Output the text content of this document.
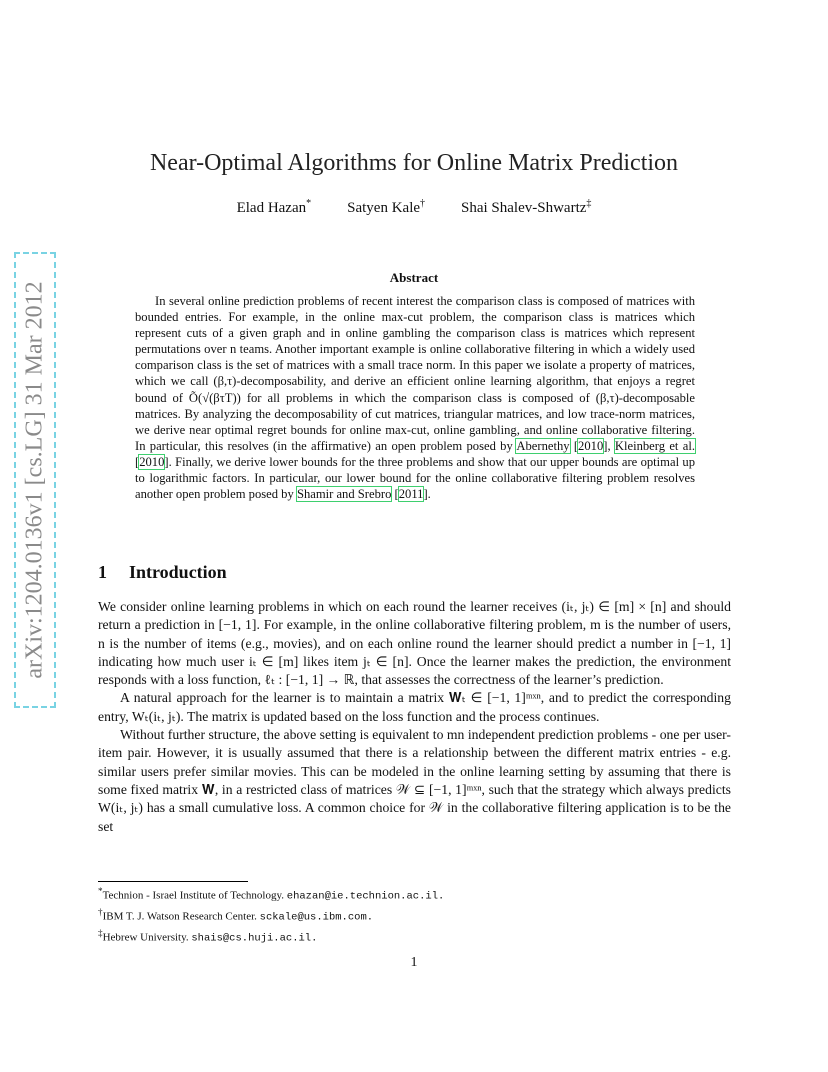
arXiv:1204.0136v1 [cs.LG] 31 Mar 2012
Near-Optimal Algorithms for Online Matrix Prediction
Elad Hazan* Satyen Kale† Shai Shalev-Shwartz‡
Abstract

In several online prediction problems of recent interest the comparison class is composed of matrices with bounded entries. For example, in the online max-cut problem, the comparison class is matrices which represent cuts of a given graph and in online gambling the comparison class is matrices which represent permutations over n teams. Another important example is online collaborative filtering in which a widely used comparison class is the set of matrices with a small trace norm. In this paper we isolate a property of matrices, which we call (β,τ)-decomposability, and derive an efficient online learning algorithm, that enjoys a regret bound of Õ(√(βτT)) for all problems in which the comparison class is composed of (β,τ)-decomposable matrices. By analyzing the decomposability of cut matrices, triangular matrices, and low trace-norm matrices, we derive near optimal regret bounds for online max-cut, online gambling, and online collaborative filtering. In particular, this resolves (in the affirmative) an open problem posed by Abernethy [2010], Kleinberg et al. [2010]. Finally, we derive lower bounds for the three problems and show that our upper bounds are optimal up to logarithmic factors. In particular, our lower bound for the online collaborative filtering problem resolves another open problem posed by Shamir and Srebro [2011].

1 Introduction

We consider online learning problems in which on each round the learner receives (iₜ, jₜ) ∈ [m] × [n] and should return a prediction in [−1, 1]. For example, in the online collaborative filtering problem, m is the number of users, n is the number of items (e.g., movies), and on each online round the learner should predict a number in [−1, 1] indicating how much user iₜ ∈ [m] likes item jₜ ∈ [n]. Once the learner makes the prediction, the environment responds with a loss function, ℓₜ : [−1, 1] → ℝ, that assesses the correctness of the learner’s prediction.

A natural approach for the learner is to maintain a matrix 𝐖ₜ ∈ [−1, 1]ᵐˣⁿ, and to predict the corresponding entry, Wₜ(iₜ, jₜ). The matrix is updated based on the loss function and the process continues.

Without further structure, the above setting is equivalent to mn independent prediction problems - one per user-item pair. However, it is usually assumed that there is a relationship between the different matrix entries - e.g. similar users prefer similar movies. This can be modeled in the online learning setting by assuming that there is some fixed matrix 𝐖, in a restricted class of matrices 𝒲 ⊆ [−1, 1]ᵐˣⁿ, such that the strategy which always predicts W(iₜ, jₜ) has a small cumulative loss. A common choice for 𝒲 in the collaborative filtering application is to be the set

*Technion - Israel Institute of Technology. ehazan@ie.technion.ac.il.
†IBM T. J. Watson Research Center. sckale@us.ibm.com.
‡Hebrew University. shais@cs.huji.ac.il.
1
